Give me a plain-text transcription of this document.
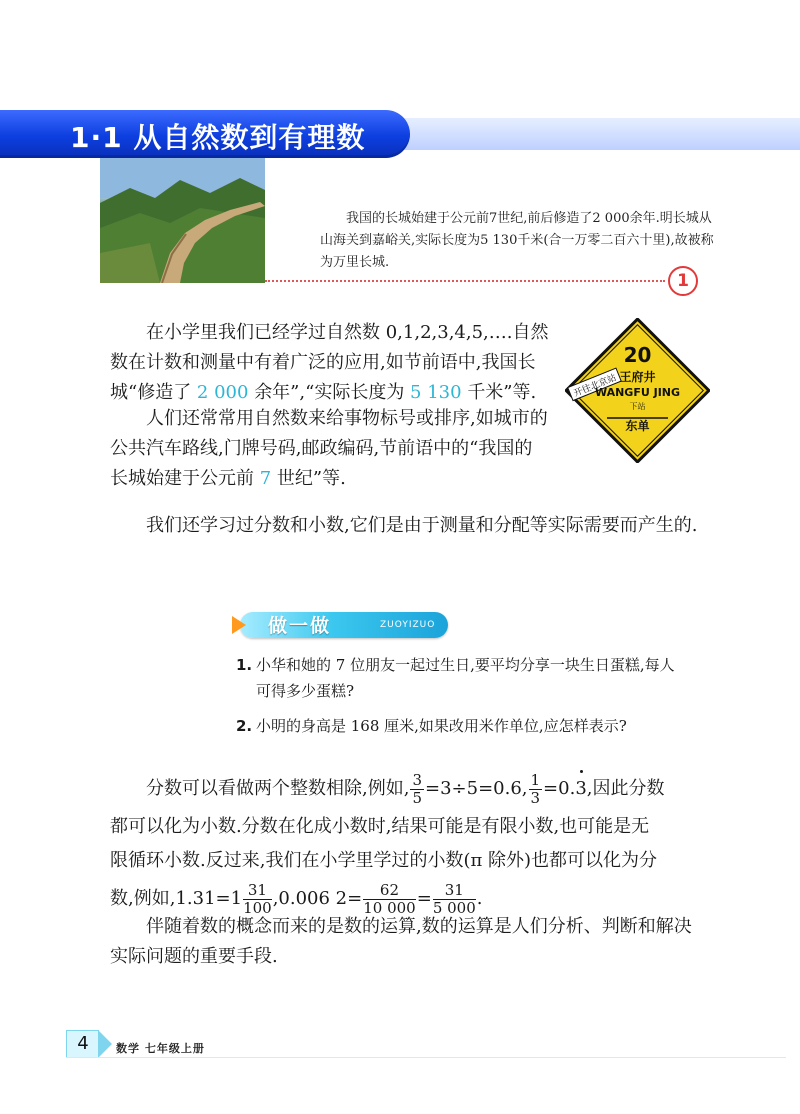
1·1 从自然数到有理数
我国的长城始建于公元前7世纪,前后修造了2 000余年.明长城从山海关到嘉峪关,实际长度为5 130千米(合一万零二百六十里),故被称为万里长城.
1
在小学里我们已经学过自然数 0,1,2,3,4,5,….自然数在计数和测量中有着广泛的应用,如节前语中,我国长城“修造了 2 000 余年”,“实际长度为 5 130 千米”等.
人们还常常用自然数来给事物标号或排序,如城市的公共汽车路线,门牌号码,邮政编码,节前语中的“我国的长城始建于公元前 7 世纪”等.
开往北京站
20
王府井
WANGFU JING
下站
东单
我们还学习过分数和小数,它们是由于测量和分配等实际需要而产生的.
做一做	ZUOYIZUO
1. 小华和她的 7 位朋友一起过生日,要平均分享一块生日蛋糕,每人
可得多少蛋糕?
2. 小明的身高是 168 厘米,如果改用米作单位,应怎样表示?
分数可以看做两个整数相除,例如, $\frac{3}{5} =3\div 5=0.6$, $\frac{1}{3} =0.3$,因此分数
都可以化为小数.分数在化成小数时,结果可能是有限小数,也可能是无
限循环小数.反过来,我们在小学里学过的小数(π 除外)也都可以化为分
数,例如$,1.31=1 \frac{31}{100} ,0.006$ $2= \frac{62}{10 000} = \frac{31}{5 000}$ .
伴随着数的概念而来的是数的运算,数的运算是人们分析、判断和解决实际问题的重要手段.
4	数学 七年级上册
